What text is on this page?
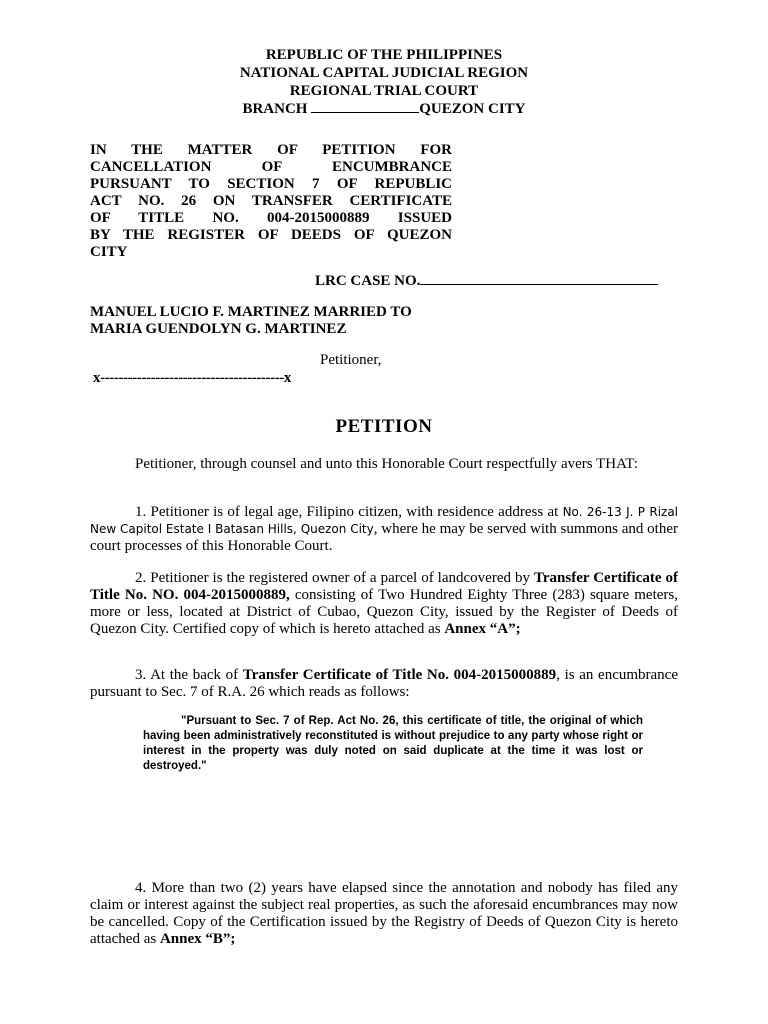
REPUBLIC OF THE PHILIPPINES
NATIONAL CAPITAL JUDICIAL REGION
REGIONAL TRIAL COURT
BRANCH	QUEZON CITY
IN THE MATTER OF PETITION FOR
CANCELLATION OF ENCUMBRANCE
PURSUANT TO SECTION 7 OF REPUBLIC
ACT NO. 26 ON TRANSFER CERTIFICATE
OF TITLE NO. 004-2015000889 ISSUED
BY THE REGISTER OF DEEDS OF QUEZON
CITY
LRC CASE NO.
MANUEL LUCIO F. MARTINEZ MARRIED TO
MARIA GUENDOLYN G. MARTINEZ
Petitioner,
x----------------------------------------x
PETITION
Petitioner, through counsel and unto this Honorable Court respectfully avers THAT:
1. Petitioner is of legal age, Filipino citizen, with residence address at No. 26-13 J. P Rizal New Capitol Estate I Batasan Hills, Quezon City, where he may be served with summons and other court processes of this Honorable Court.
2. Petitioner is the registered owner of a parcel of landcovered by Transfer Certificate of Title No. NO. 004-2015000889, consisting of Two Hundred Eighty Three (283) square meters, more or less, located at District of Cubao, Quezon City, issued by the Register of Deeds of Quezon City. Certified copy of which is hereto attached as Annex “A”;
3. At the back of Transfer Certificate of Title No. 004-2015000889, is an encumbrance pursuant to Sec. 7 of R.A. 26 which reads as follows:
"Pursuant to Sec. 7 of Rep. Act No. 26, this certificate of title, the original of which having been administratively reconstituted is without prejudice to any party whose right or interest in the property was duly noted on said duplicate at the time it was lost or destroyed."
4. More than two (2) years have elapsed since the annotation and nobody has filed any claim or interest against the subject real properties, as such the aforesaid encumbrances may now be cancelled. Copy of the Certification issued by the Registry of Deeds of Quezon City is hereto attached as Annex “B”;
